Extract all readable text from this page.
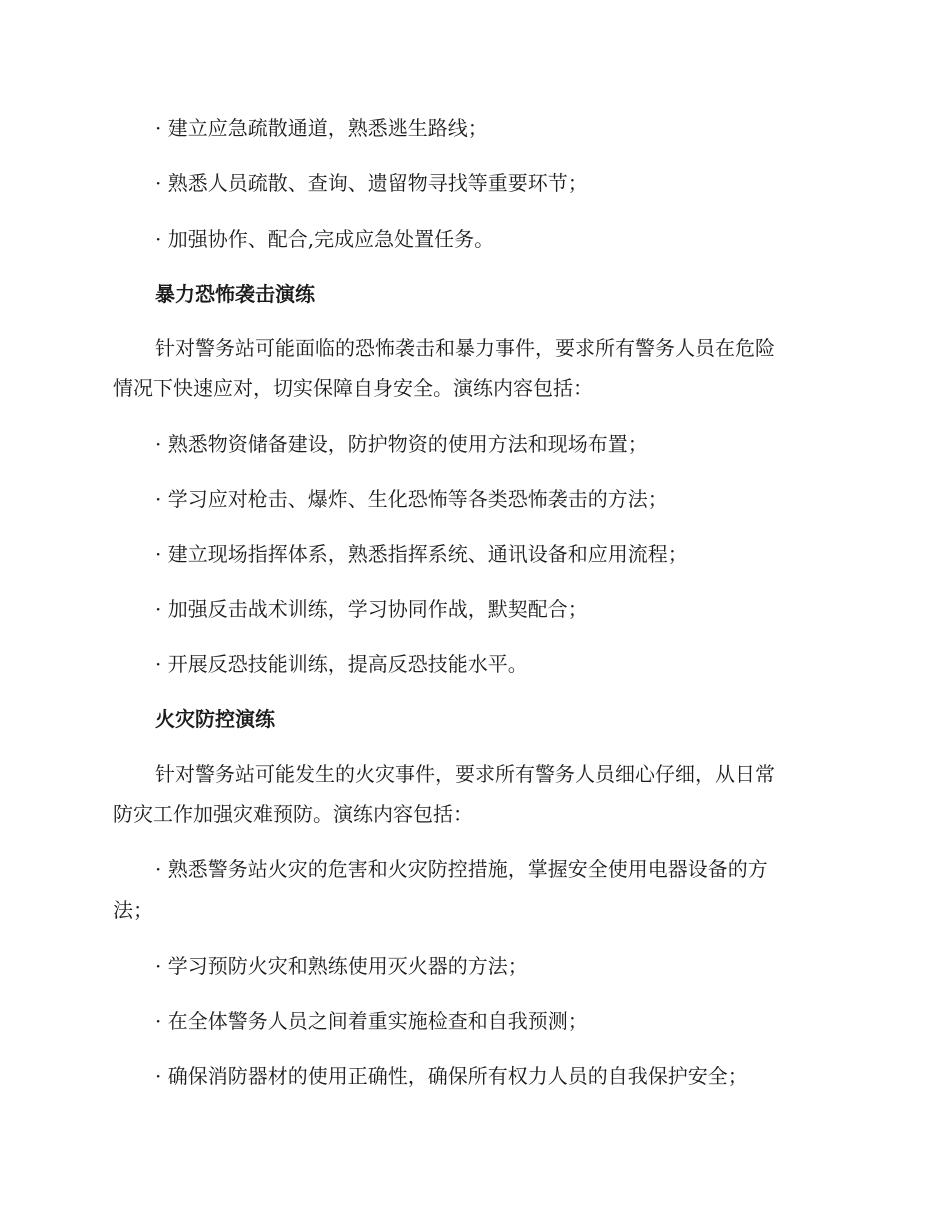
· 建立应急疏散通道，熟悉逃生路线；
· 熟悉人员疏散、查询、遗留物寻找等重要环节；
· 加强协作、配合,完成应急处置任务。
暴力恐怖袭击演练
针对警务站可能面临的恐怖袭击和暴力事件，要求所有警务人员在危险
情况下快速应对，切实保障自身安全。演练内容包括：
· 熟悉物资储备建设，防护物资的使用方法和现场布置；
· 学习应对枪击、爆炸、生化恐怖等各类恐怖袭击的方法；
· 建立现场指挥体系，熟悉指挥系统、通讯设备和应用流程；
· 加强反击战术训练，学习协同作战，默契配合；
· 开展反恐技能训练，提高反恐技能水平。
火灾防控演练
针对警务站可能发生的火灾事件，要求所有警务人员细心仔细，从日常
防灾工作加强灾难预防。演练内容包括：
· 熟悉警务站火灾的危害和火灾防控措施，掌握安全使用电器设备的方
法；
· 学习预防火灾和熟练使用灭火器的方法；
· 在全体警务人员之间着重实施检查和自我预测；
· 确保消防器材的使用正确性，确保所有权力人员的自我保护安全；
